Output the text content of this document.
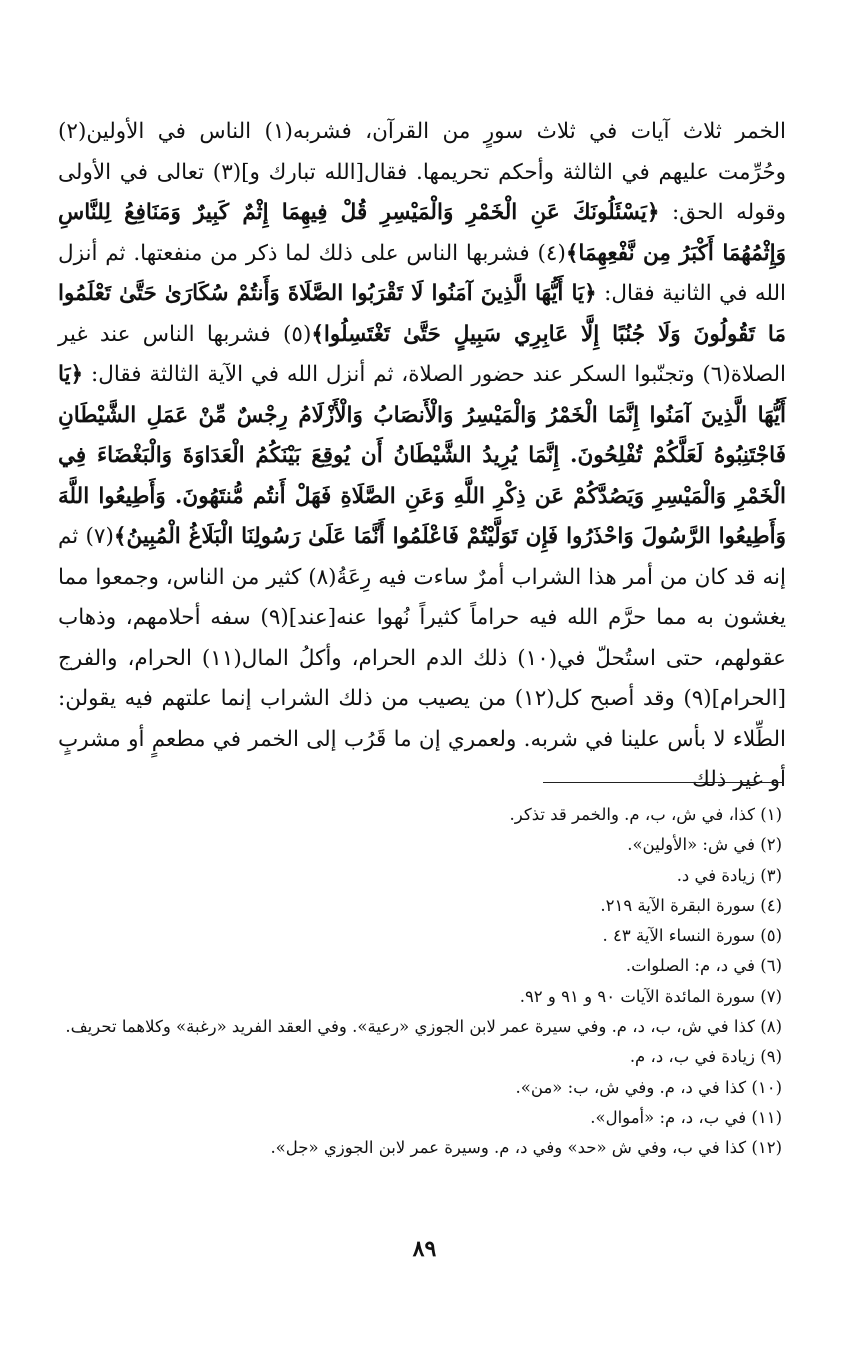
الخمر ثلاث آيات في ثلاث سورٍ من القرآن، فشربه(١) الناس في الأولين(٢) وحُرِّمت عليهم في الثالثة وأحكم تحريمها. فقال[الله تبارك و](٣) تعالى في الأولى وقوله الحق: ﴿يَسْئَلُونَكَ عَنِ الْخَمْرِ وَالْمَيْسِرِ قُلْ فِيهِمَا إِثْمٌ كَبِيرٌ وَمَنَافِعُ لِلنَّاسِ وَإِثْمُهُمَا أَكْبَرُ مِن نَّفْعِهِمَا﴾(٤) فشربها الناس على ذلك لما ذكر من منفعتها. ثم أنزل الله في الثانية فقال: ﴿يَا أَيُّهَا الَّذِينَ آمَنُوا لَا تَقْرَبُوا الصَّلَاةَ وَأَنتُمْ سُكَارَىٰ حَتَّىٰ تَعْلَمُوا مَا تَقُولُونَ وَلَا جُنُبًا إِلَّا عَابِرِي سَبِيلٍ حَتَّىٰ تَغْتَسِلُوا﴾(٥) فشربها الناس عند غير الصلاة(٦) وتجنّبوا السكر عند حضور الصلاة، ثم أنزل الله في الآية الثالثة فقال: ﴿يَا أَيُّهَا الَّذِينَ آمَنُوا إِنَّمَا الْخَمْرُ وَالْمَيْسِرُ وَالْأَنصَابُ وَالْأَزْلَامُ رِجْسٌ مِّنْ عَمَلِ الشَّيْطَانِ فَاجْتَنِبُوهُ لَعَلَّكُمْ تُفْلِحُونَ. إِنَّمَا يُرِيدُ الشَّيْطَانُ أَن يُوقِعَ بَيْنَكُمُ الْعَدَاوَةَ وَالْبَغْضَاءَ فِي الْخَمْرِ وَالْمَيْسِرِ وَيَصُدَّكُمْ عَن ذِكْرِ اللَّهِ وَعَنِ الصَّلَاةِ فَهَلْ أَنتُم مُّنتَهُونَ. وَأَطِيعُوا اللَّهَ وَأَطِيعُوا الرَّسُولَ وَاحْذَرُوا فَإِن تَوَلَّيْتُمْ فَاعْلَمُوا أَنَّمَا عَلَىٰ رَسُولِنَا الْبَلَاغُ الْمُبِينُ﴾(٧) ثم إنه قد كان من أمر هذا الشراب أمرٌ ساءت فيه رِعَةُ(٨) كثير من الناس، وجمعوا مما يغشون به مما حرَّم الله فيه حراماً كثيراً نُهوا عنه[عند](٩) سفه أحلامهم، وذهاب عقولهم، حتى استُحلّ في(١٠) ذلك الدم الحرام، وأكلُ المال(١١) الحرام، والفرج [الحرام](٩) وقد أصبح كل(١٢) من يصيب من ذلك الشراب إنما علتهم فيه يقولن: الطِّلاء لا بأس علينا في شربه. ولعمري إن ما قَرُب إلى الخمر في مطعمٍ أو مشربٍ أو غير ذلك

(١) كذا، في ش، ب، م. والخمر قد تذكر.
(٢) في ش: «الأولين».
(٣) زيادة في د.
(٤) سورة البقرة الآية ٢١٩.
(٥) سورة النساء الآية ٤٣ .
(٦) في د، م: الصلوات.
(٧) سورة المائدة الآيات ٩٠ و ٩١ و ٩٢.
(٨) كذا في ش، ب، د، م. وفي سيرة عمر لابن الجوزي «رعية». وفي العقد الفريد «رغبة» وكلاهما تحريف.
(٩) زيادة في ب، د، م.
(١٠) كذا في د، م. وفي ش، ب: «من».
(١١) في ب، د، م: «أموال».
(١٢) كذا في ب، وفي ش «حد» وفي د، م. وسيرة عمر لابن الجوزي «جل».
٨٩
